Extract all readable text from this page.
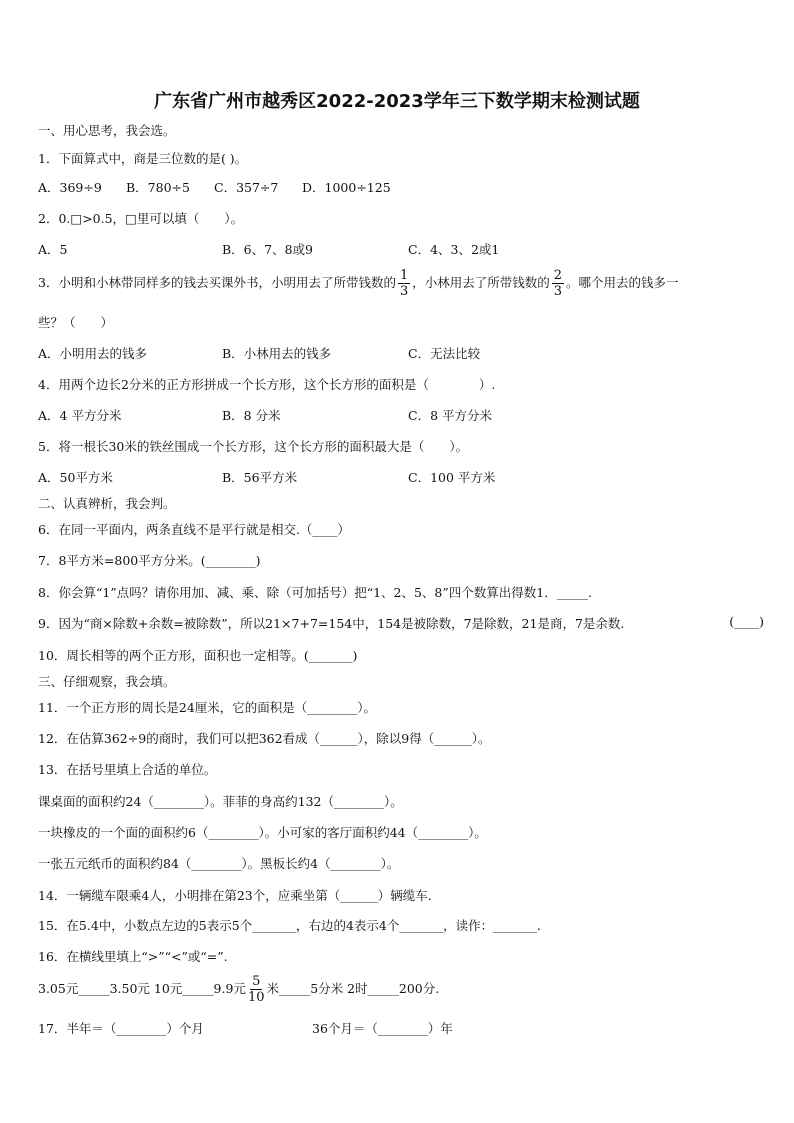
广东省广州市越秀区2022-2023学年三下数学期末检测试题
一、用心思考，我会选。
1．下面算式中，商是三位数的是( )。
A．369÷9 B．780÷5 C．357÷7 D．1000÷125
2．0.□>0.5，□里可以填（　　）。
A．5	B．6、7、8或9	C．4、3、2或1
3．小明和小林带同样多的钱去买课外书，小明用去了所带钱数的 $\frac{1}{3}$ ，小林用去了所带钱数的 $\frac{2}{3}$ 。哪个用去的钱多一
些？（　　）
A．小明用去的钱多	B．小林用去的钱多	C．无法比较
4．用两个边长2分米的正方形拼成一个长方形，这个长方形的面积是（　　　　）.
A．4 平方分米	B．8 分米	C．8 平方分米
5．将一根长30米的铁丝围成一个长方形，这个长方形的面积最大是（　　）。
A．50平方米	B．56平方米	C．100 平方米
二、认真辨析，我会判。
6．在同一平面内，两条直线不是平行就是相交.（____）
7．8平方米=800平方分米。(________)
8．你会算“1”点吗？请你用加、减、乘、除（可加括号）把“1、2、5、8”四个数算出得数1．_____.
9．因为“商×除数+余数=被除数”，所以21×7+7=154中，154是被除数，7是除数，21是商，7是余数.	(____)
10．周长相等的两个正方形，面积也一定相等。(_______)
三、仔细观察，我会填。
11．一个正方形的周长是24厘米，它的面积是（________）。
12．在估算362÷9的商时，我们可以把362看成（______），除以9得（______）。
13．在括号里填上合适的单位。
课桌面的面积约24（________）。菲菲的身高约132（________）。
一块橡皮的一个面的面积约6（________）。小可家的客厅面积约44（________）。
一张五元纸币的面积约84（________）。黑板长约4（________）。
14．一辆缆车限乘4人，小明排在第23个，应乘坐第（______）辆缆车.
15．在5.4中，小数点左边的5表示5个_______，右边的4表示4个_______，读作：_______.
16．在横线里填上“>”“<”或“=”.
3.05元_____3.50元 10元_____9.9元 $\frac{5}{10}$ 米_____5分米 2时_____200分.
17．半年＝（________）个月	36个月＝（________）年
